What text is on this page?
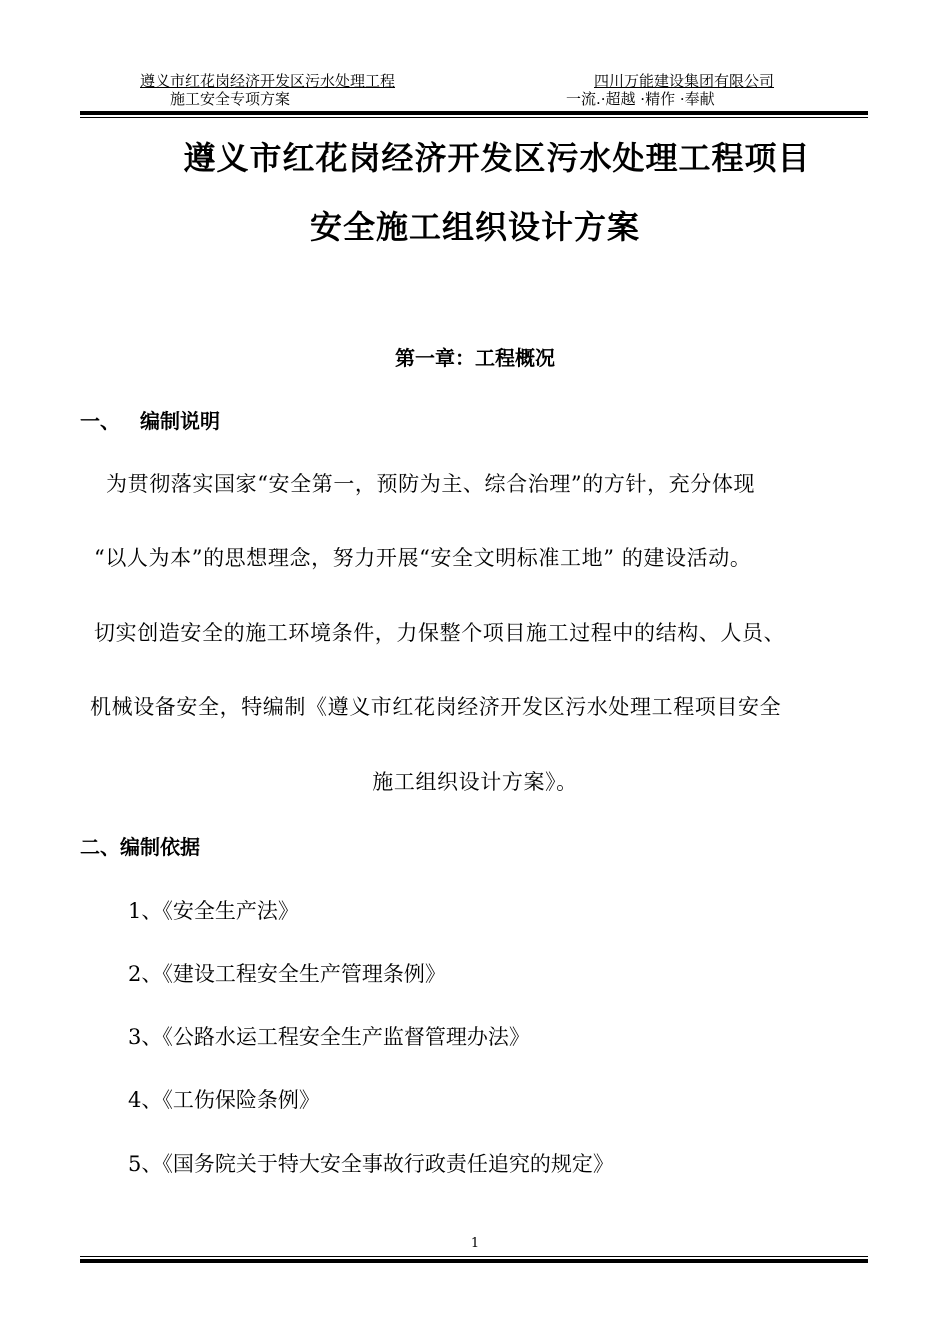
遵义市红花岗经济开发区污水处理工程
施工安全专项方案
四川万能建设集团有限公司
一流.·超越 ·精作 ·奉献
遵义市红花岗经济开发区污水处理工程项目
安全施工组织设计方案
第一章：工程概况
一、 编制说明
为贯彻落实国家“安全第一，预防为主、综合治理”的方针，充分体现
“以人为本”的思想理念，努力开展“安全文明标准工地” 的建设活动。
切实创造安全的施工环境条件，力保整个项目施工过程中的结构、人员、
机械设备安全，特编制《遵义市红花岗经济开发区污水处理工程项目安全
施工组织设计方案》。
二、编制依据
1、《安全生产法》
2、《建设工程安全生产管理条例》
3、《公路水运工程安全生产监督管理办法》
4、《工伤保险条例》
5、《国务院关于特大安全事故行政责任追究的规定》
1
